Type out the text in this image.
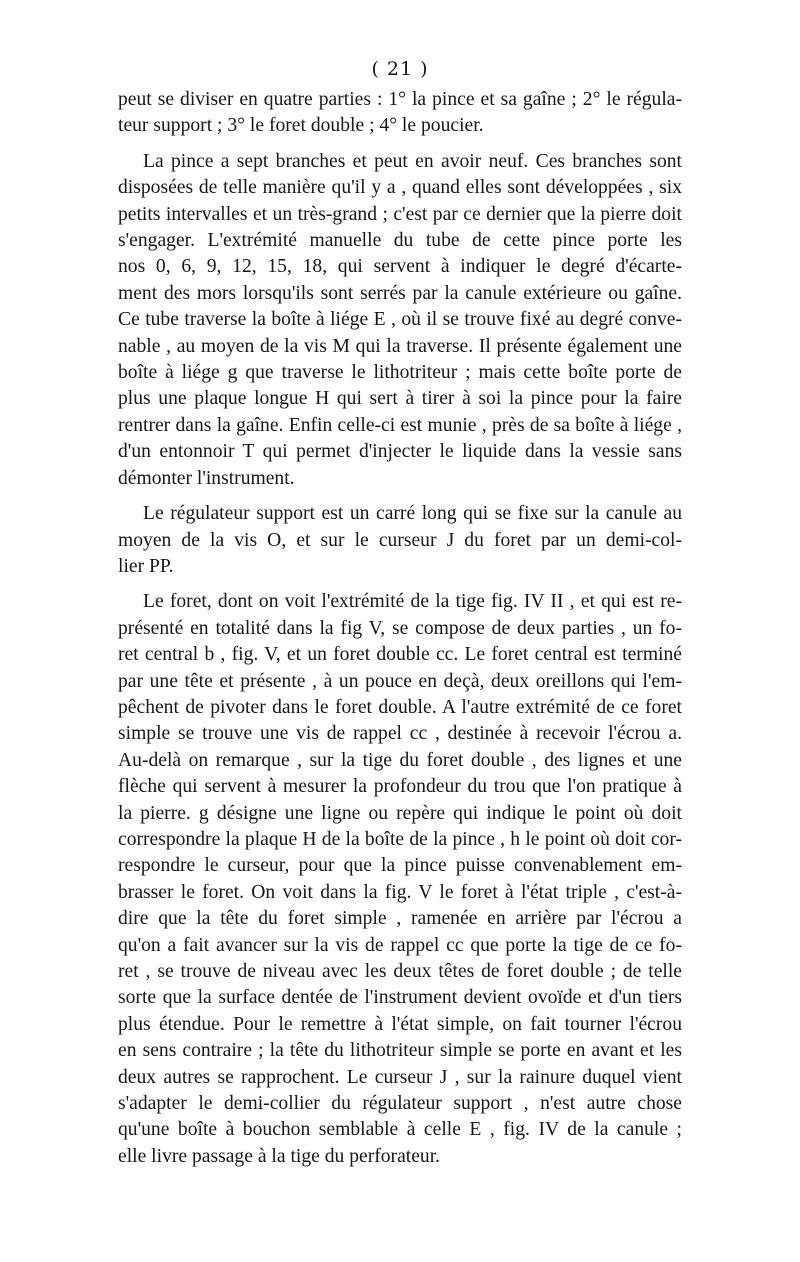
( 21 )
peut se diviser en quatre parties : 1° la pince et sa gaîne ; 2° le régula-
teur support ; 3° le foret double ; 4° le poucier.
La pince a sept branches et peut en avoir neuf. Ces branches sont
disposées de telle manière qu'il y a , quand elles sont développées , six
petits intervalles et un très-grand ; c'est par ce dernier que la pierre doit
s'engager. L'extrémité manuelle du tube de cette pince porte les
nos 0, 6, 9, 12, 15, 18, qui servent à indiquer le degré d'écarte-
ment des mors lorsqu'ils sont serrés par la canule extérieure ou gaîne.
Ce tube traverse la boîte à liége E , où il se trouve fixé au degré conve-
nable , au moyen de la vis M qui la traverse. Il présente également une
boîte à liége g que traverse le lithotriteur ; mais cette boîte porte de
plus une plaque longue H qui sert à tirer à soi la pince pour la faire
rentrer dans la gaîne. Enfin celle-ci est munie , près de sa boîte à liége ,
d'un entonnoir T qui permet d'injecter le liquide dans la vessie sans
démonter l'instrument.
Le régulateur support est un carré long qui se fixe sur la canule au
moyen de la vis O, et sur le curseur J du foret par un demi-col-
lier PP.
Le foret, dont on voit l'extrémité de la tige fig. IV II , et qui est re-
présenté en totalité dans la fig V, se compose de deux parties , un fo-
ret central b , fig. V, et un foret double cc. Le foret central est terminé
par une tête et présente , à un pouce en deçà, deux oreillons qui l'em-
pêchent de pivoter dans le foret double. A l'autre extrémité de ce foret
simple se trouve une vis de rappel cc , destinée à recevoir l'écrou a.
Au-delà on remarque , sur la tige du foret double , des lignes et une
flèche qui servent à mesurer la profondeur du trou que l'on pratique à
la pierre. g désigne une ligne ou repère qui indique le point où doit
correspondre la plaque H de la boîte de la pince , h le point où doit cor-
respondre le curseur, pour que la pince puisse convenablement em-
brasser le foret. On voit dans la fig. V le foret à l'état triple , c'est-à-
dire que la tête du foret simple , ramenée en arrière par l'écrou a
qu'on a fait avancer sur la vis de rappel cc que porte la tige de ce fo-
ret , se trouve de niveau avec les deux têtes de foret double ; de telle
sorte que la surface dentée de l'instrument devient ovoïde et d'un tiers
plus étendue. Pour le remettre à l'état simple, on fait tourner l'écrou
en sens contraire ; la tête du lithotriteur simple se porte en avant et les
deux autres se rapprochent. Le curseur J , sur la rainure duquel vient
s'adapter le demi-collier du régulateur support , n'est autre chose
qu'une boîte à bouchon semblable à celle E , fig. IV de la canule ;
elle livre passage à la tige du perforateur.
